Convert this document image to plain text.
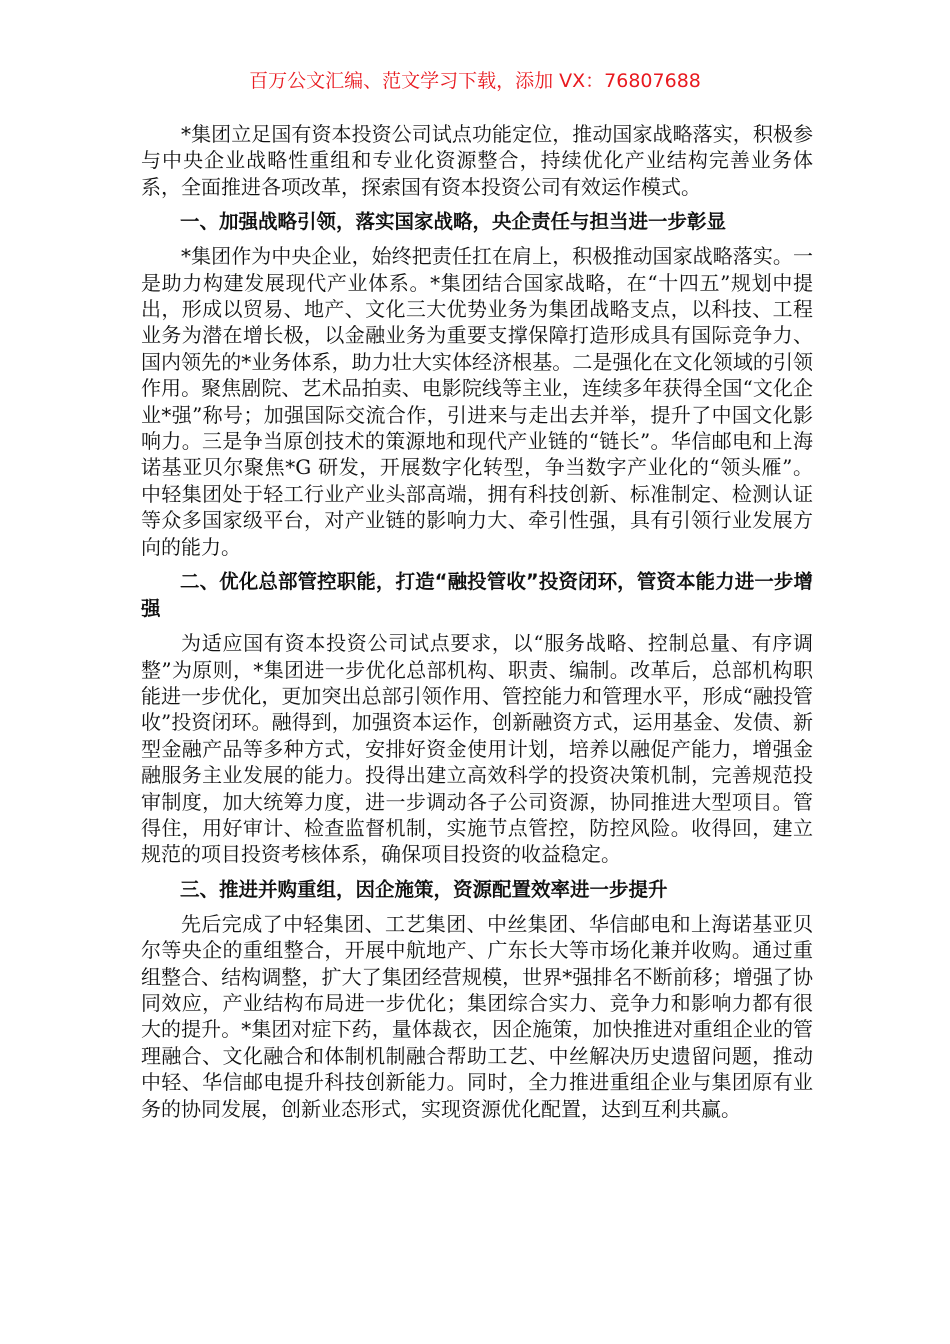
百万公文汇编、范文学习下载，添加 VX：76807688

*集团立足国有资本投资公司试点功能定位，推动国家战略落实，积极参与中央企业战略性重组和专业化资源整合，持续优化产业结构完善业务体系，全面推进各项改革，探索国有资本投资公司有效运作模式。

一、加强战略引领，落实国家战略，央企责任与担当进一步彰显

*集团作为中央企业，始终把责任扛在肩上，积极推动国家战略落实。一是助力构建发展现代产业体系。*集团结合国家战略，在“十四五”规划中提出，形成以贸易、地产、文化三大优势业务为集团战略支点，以科技、工程业务为潜在增长极，以金融业务为重要支撑保障打造形成具有国际竞争力、国内领先的*业务体系，助力壮大实体经济根基。二是强化在文化领域的引领作用。聚焦剧院、艺术品拍卖、电影院线等主业，连续多年获得全国“文化企业*强”称号；加强国际交流合作，引进来与走出去并举，提升了中国文化影响力。三是争当原创技术的策源地和现代产业链的“链长”。华信邮电和上海诺基亚贝尔聚焦*G 研发，开展数字化转型，争当数字产业化的“领头雁”。中轻集团处于轻工行业产业头部高端，拥有科技创新、标准制定、检测认证等众多国家级平台，对产业链的影响力大、牵引性强，具有引领行业发展方向的能力。

二、优化总部管控职能，打造“融投管收”投资闭环，管资本能力进一步增强

为适应国有资本投资公司试点要求，以“服务战略、控制总量、有序调整”为原则，*集团进一步优化总部机构、职责、编制。改革后，总部机构职能进一步优化，更加突出总部引领作用、管控能力和管理水平，形成“融投管收”投资闭环。融得到，加强资本运作，创新融资方式，运用基金、发债、新型金融产品等多种方式，安排好资金使用计划，培养以融促产能力，增强金融服务主业发展的能力。投得出建立高效科学的投资决策机制，完善规范投审制度，加大统筹力度，进一步调动各子公司资源，协同推进大型项目。管得住，用好审计、检查监督机制，实施节点管控，防控风险。收得回，建立规范的项目投资考核体系，确保项目投资的收益稳定。

三、推进并购重组，因企施策，资源配置效率进一步提升

先后完成了中轻集团、工艺集团、中丝集团、华信邮电和上海诺基亚贝尔等央企的重组整合，开展中航地产、广东长大等市场化兼并收购。通过重组整合、结构调整，扩大了集团经营规模，世界*强排名不断前移；增强了协同效应，产业结构布局进一步优化；集团综合实力、竞争力和影响力都有很大的提升。*集团对症下药，量体裁衣，因企施策，加快推进对重组企业的管理融合、文化融合和体制机制融合帮助工艺、中丝解决历史遗留问题，推动中轻、华信邮电提升科技创新能力。同时，全力推进重组企业与集团原有业务的协同发展，创新业态形式，实现资源优化配置，达到互利共赢。
